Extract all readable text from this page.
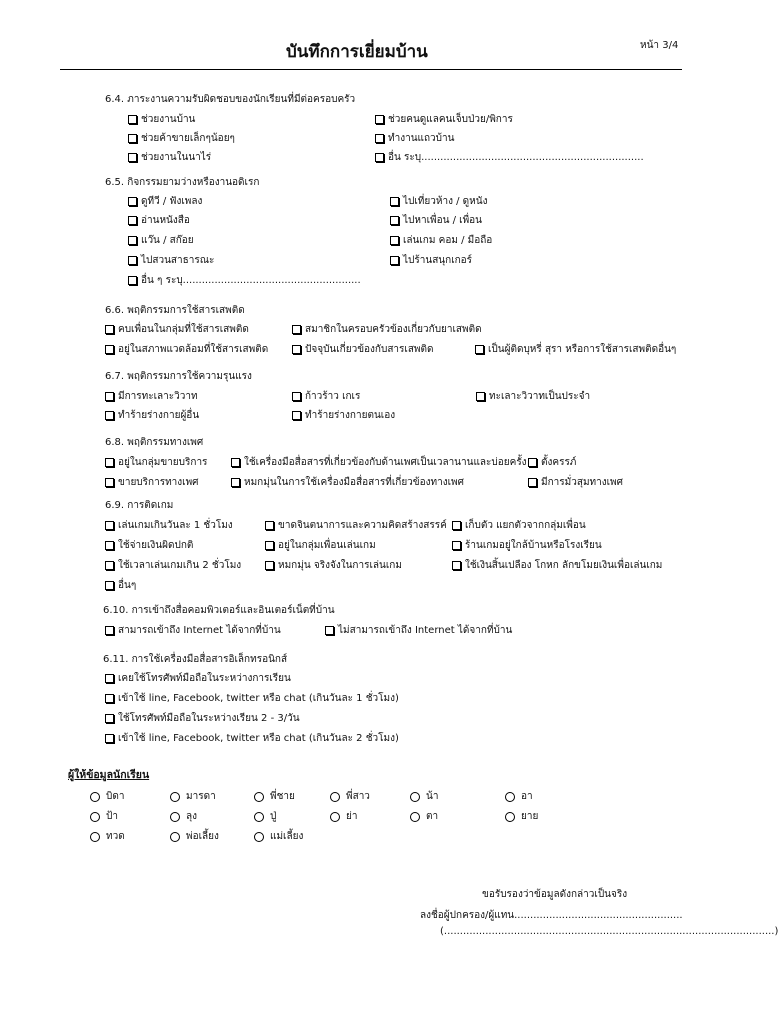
บันทึกการเยี่ยมบ้าน	หน้า 3/4
6.4. ภาระงานความรับผิดชอบของนักเรียนที่มีต่อครอบครัว
ช่วยงานบ้าน	ช่วยคนดูแลคนเจ็บป่วย/พิการ
ช่วยค้าขายเล็กๆน้อยๆ	ทำงานแถวบ้าน
ช่วยงานในนาไร่	อื่น ระบุ......................................................................
6.5. กิจกรรมยามว่างหรืองานอดิเรก
ดูทีวี / ฟังเพลง	ไปเที่ยวห้าง / ดูหนัง
อ่านหนังสือ	ไปหาเพื่อน / เพื่อน
แว๊น / สก๊อย	เล่นเกม คอม / มือถือ
ไปสวนสาธารณะ	ไปร้านสนุกเกอร์
อื่น ๆ ระบุ........................................................
6.6. พฤติกรรมการใช้สารเสพติด
คบเพื่อนในกลุ่มที่ใช้สารเสพติด	สมาชิกในครอบครัวข้องเกี่ยวกับยาเสพติด
อยู่ในสภาพแวดล้อมที่ใช้สารเสพติด	ปัจจุบันเกี่ยวข้องกับสารเสพติด	เป็นผู้ติดบุหรี่ สุรา หรือการใช้สารเสพติดอื่นๆ
6.7. พฤติกรรมการใช้ความรุนแรง
มีการทะเลาะวิวาท	ก้าวร้าว เกเร	ทะเลาะวิวาทเป็นประจำ
ทำร้ายร่างกายผู้อื่น	ทำร้ายร่างกายตนเอง
6.8. พฤติกรรมทางเพศ
อยู่ในกลุ่มขายบริการ	ใช้เครื่องมือสื่อสารที่เกี่ยวข้องกับด้านเพศเป็นเวลานานและบ่อยครั้ง ตั้งครรภ์
ขายบริการทางเพศ	หมกมุ่นในการใช้เครื่องมือสื่อสารที่เกี่ยวข้องทางเพศ	มีการมั่วสุมทางเพศ
6.9. การติดเกม
เล่นเกมเกินวันละ 1 ชั่วโมง	ขาดจินตนาการและความคิดสร้างสรรค์ เก็บตัว แยกตัวจากกลุ่มเพื่อน
ใช้จ่ายเงินผิดปกติ	อยู่ในกลุ่มเพื่อนเล่นเกม	ร้านเกมอยู่ใกล้บ้านหรือโรงเรียน
ใช้เวลาเล่นเกมเกิน 2 ชั่วโมง	หมกมุ่น จริงจังในการเล่นเกม	ใช้เงินสิ้นเปลือง โกหก ลักขโมยเงินเพื่อเล่นเกม
อื่นๆ
6.10. การเข้าถึงสื่อคอมพิวเตอร์และอินเตอร์เน็ตที่บ้าน
สามารถเข้าถึง Internet ได้จากที่บ้าน	ไม่สามารถเข้าถึง Internet ได้จากที่บ้าน
6.11. การใช้เครื่องมือสื่อสารอิเล็กทรอนิกส์
เคยใช้โทรศัพท์มือถือในระหว่างการเรียน
เข้าใช้ line, Facebook, twitter หรือ chat (เกินวันละ 1 ชั่วโมง)
ใช้โทรศัพท์มือถือในระหว่างเรียน 2 - 3/วัน
เข้าใช้ line, Facebook, twitter หรือ chat (เกินวันละ 2 ชั่วโมง)
ผู้ให้ข้อมูลนักเรียน
บิดา	มารดา	พี่ชาย	พี่สาว	น้า	อา
ป้า	ลุง	ปู่	ย่า	ตา	ยาย
ทวด	พ่อเลี้ยง	แม่เลี้ยง
ขอรับรองว่าข้อมูลดังกล่าวเป็นจริง
ลงชื่อผู้ปกครอง/ผู้แทน.....................................................
(........................................................................................................)
